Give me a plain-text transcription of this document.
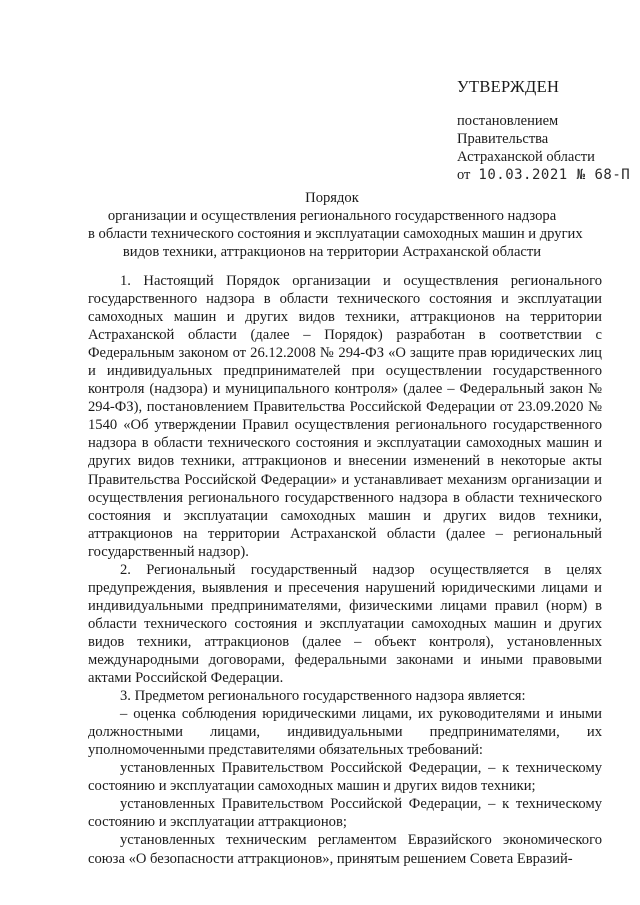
УТВЕРЖДЕН
постановлением
Правительства
Астраханской области
от 10.03.2021 № 68-П
Порядок
организации и осуществления регионального государственного надзора
в области технического состояния и эксплуатации самоходных машин и других
видов техники, аттракционов на территории Астраханской области

1. Настоящий Порядок организации и осуществления регионального государственного надзора в области технического состояния и эксплуатации самоходных машин и других видов техники, аттракционов на территории Астраханской области (далее – Порядок) разработан в соответствии с Федеральным законом от 26.12.2008 № 294-ФЗ «О защите прав юридических лиц и индивидуальных предпринимателей при осуществлении государственного контроля (надзора) и муниципального контроля» (далее – Федеральный закон № 294-ФЗ), постановлением Правительства Российской Федерации от 23.09.2020 № 1540 «Об утверждении Правил осуществления регионального государственного надзора в области технического состояния и эксплуатации самоходных машин и других видов техники, аттракционов и внесении изменений в некоторые акты Правительства Российской Федерации» и устанавливает механизм организации и осуществления регионального государственного надзора в области технического состояния и эксплуатации самоходных машин и других видов техники, аттракционов на территории Астраханской области (далее – региональный государственный надзор).

2. Региональный государственный надзор осуществляется в целях предупреждения, выявления и пресечения нарушений юридическими лицами и индивидуальными предпринимателями, физическими лицами правил (норм) в области технического состояния и эксплуатации самоходных машин и других видов техники, аттракционов (далее – объект контроля), установленных международными договорами, федеральными законами и иными правовыми актами Российской Федерации.

3. Предметом регионального государственного надзора является:

– оценка соблюдения юридическими лицами, их руководителями и иными должностными лицами, индивидуальными предпринимателями, их уполномоченными представителями обязательных требований:

установленных Правительством Российской Федерации, – к техническому состоянию и эксплуатации самоходных машин и других видов техники;

установленных Правительством Российской Федерации, – к техническому состоянию и эксплуатации аттракционов;

установленных техническим регламентом Евразийского экономического союза «О безопасности аттракционов», принятым решением Совета Евразий-
